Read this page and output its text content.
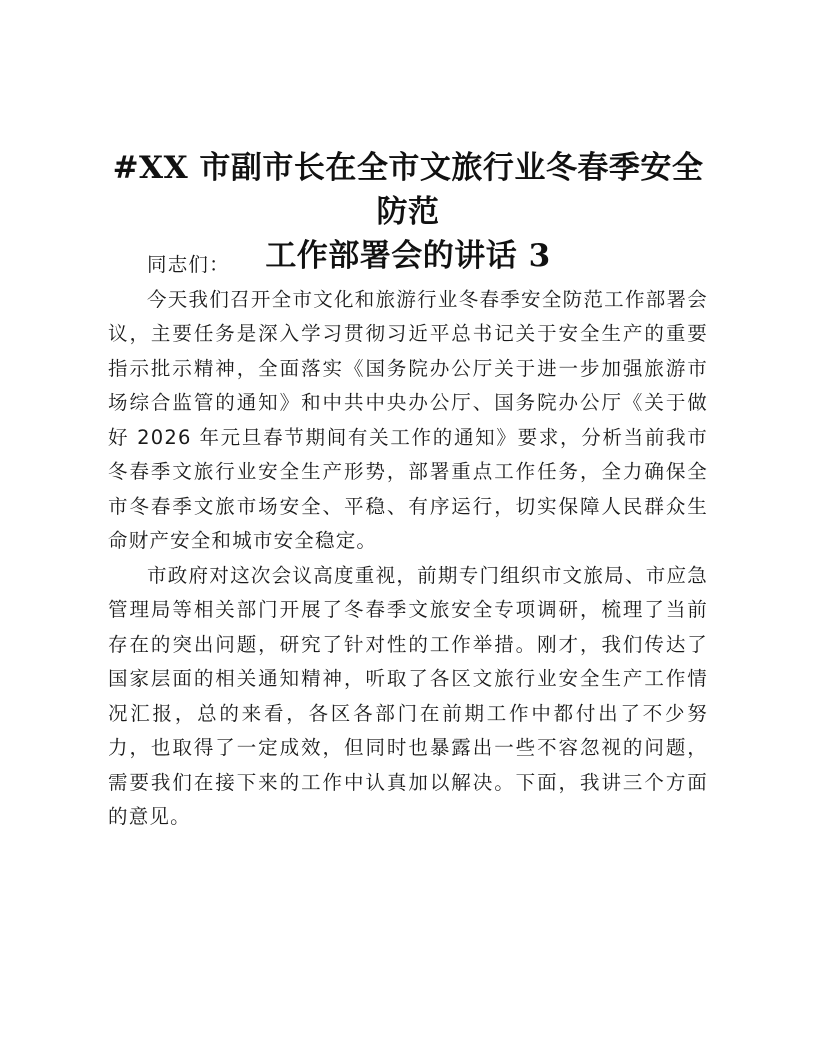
#XX 市副市长在全市文旅行业冬春季安全防范
工作部署会的讲话 3

同志们：

今天我们召开全市文化和旅游行业冬春季安全防范工作部署会议，主要任务是深入学习贯彻习近平总书记关于安全生产的重要指示批示精神，全面落实《国务院办公厅关于进一步加强旅游市场综合监管的通知》和中共中央办公厅、国务院办公厅《关于做好 2026 年元旦春节期间有关工作的通知》要求，分析当前我市冬春季文旅行业安全生产形势，部署重点工作任务，全力确保全市冬春季文旅市场安全、平稳、有序运行，切实保障人民群众生命财产安全和城市安全稳定。

市政府对这次会议高度重视，前期专门组织市文旅局、市应急管理局等相关部门开展了冬春季文旅安全专项调研，梳理了当前存在的突出问题，研究了针对性的工作举措。刚才，我们传达了国家层面的相关通知精神，听取了各区文旅行业安全生产工作情况汇报，总的来看，各区各部门在前期工作中都付出了不少努力，也取得了一定成效，但同时也暴露出一些不容忽视的问题，需要我们在接下来的工作中认真加以解决。下面，我讲三个方面的意见。
